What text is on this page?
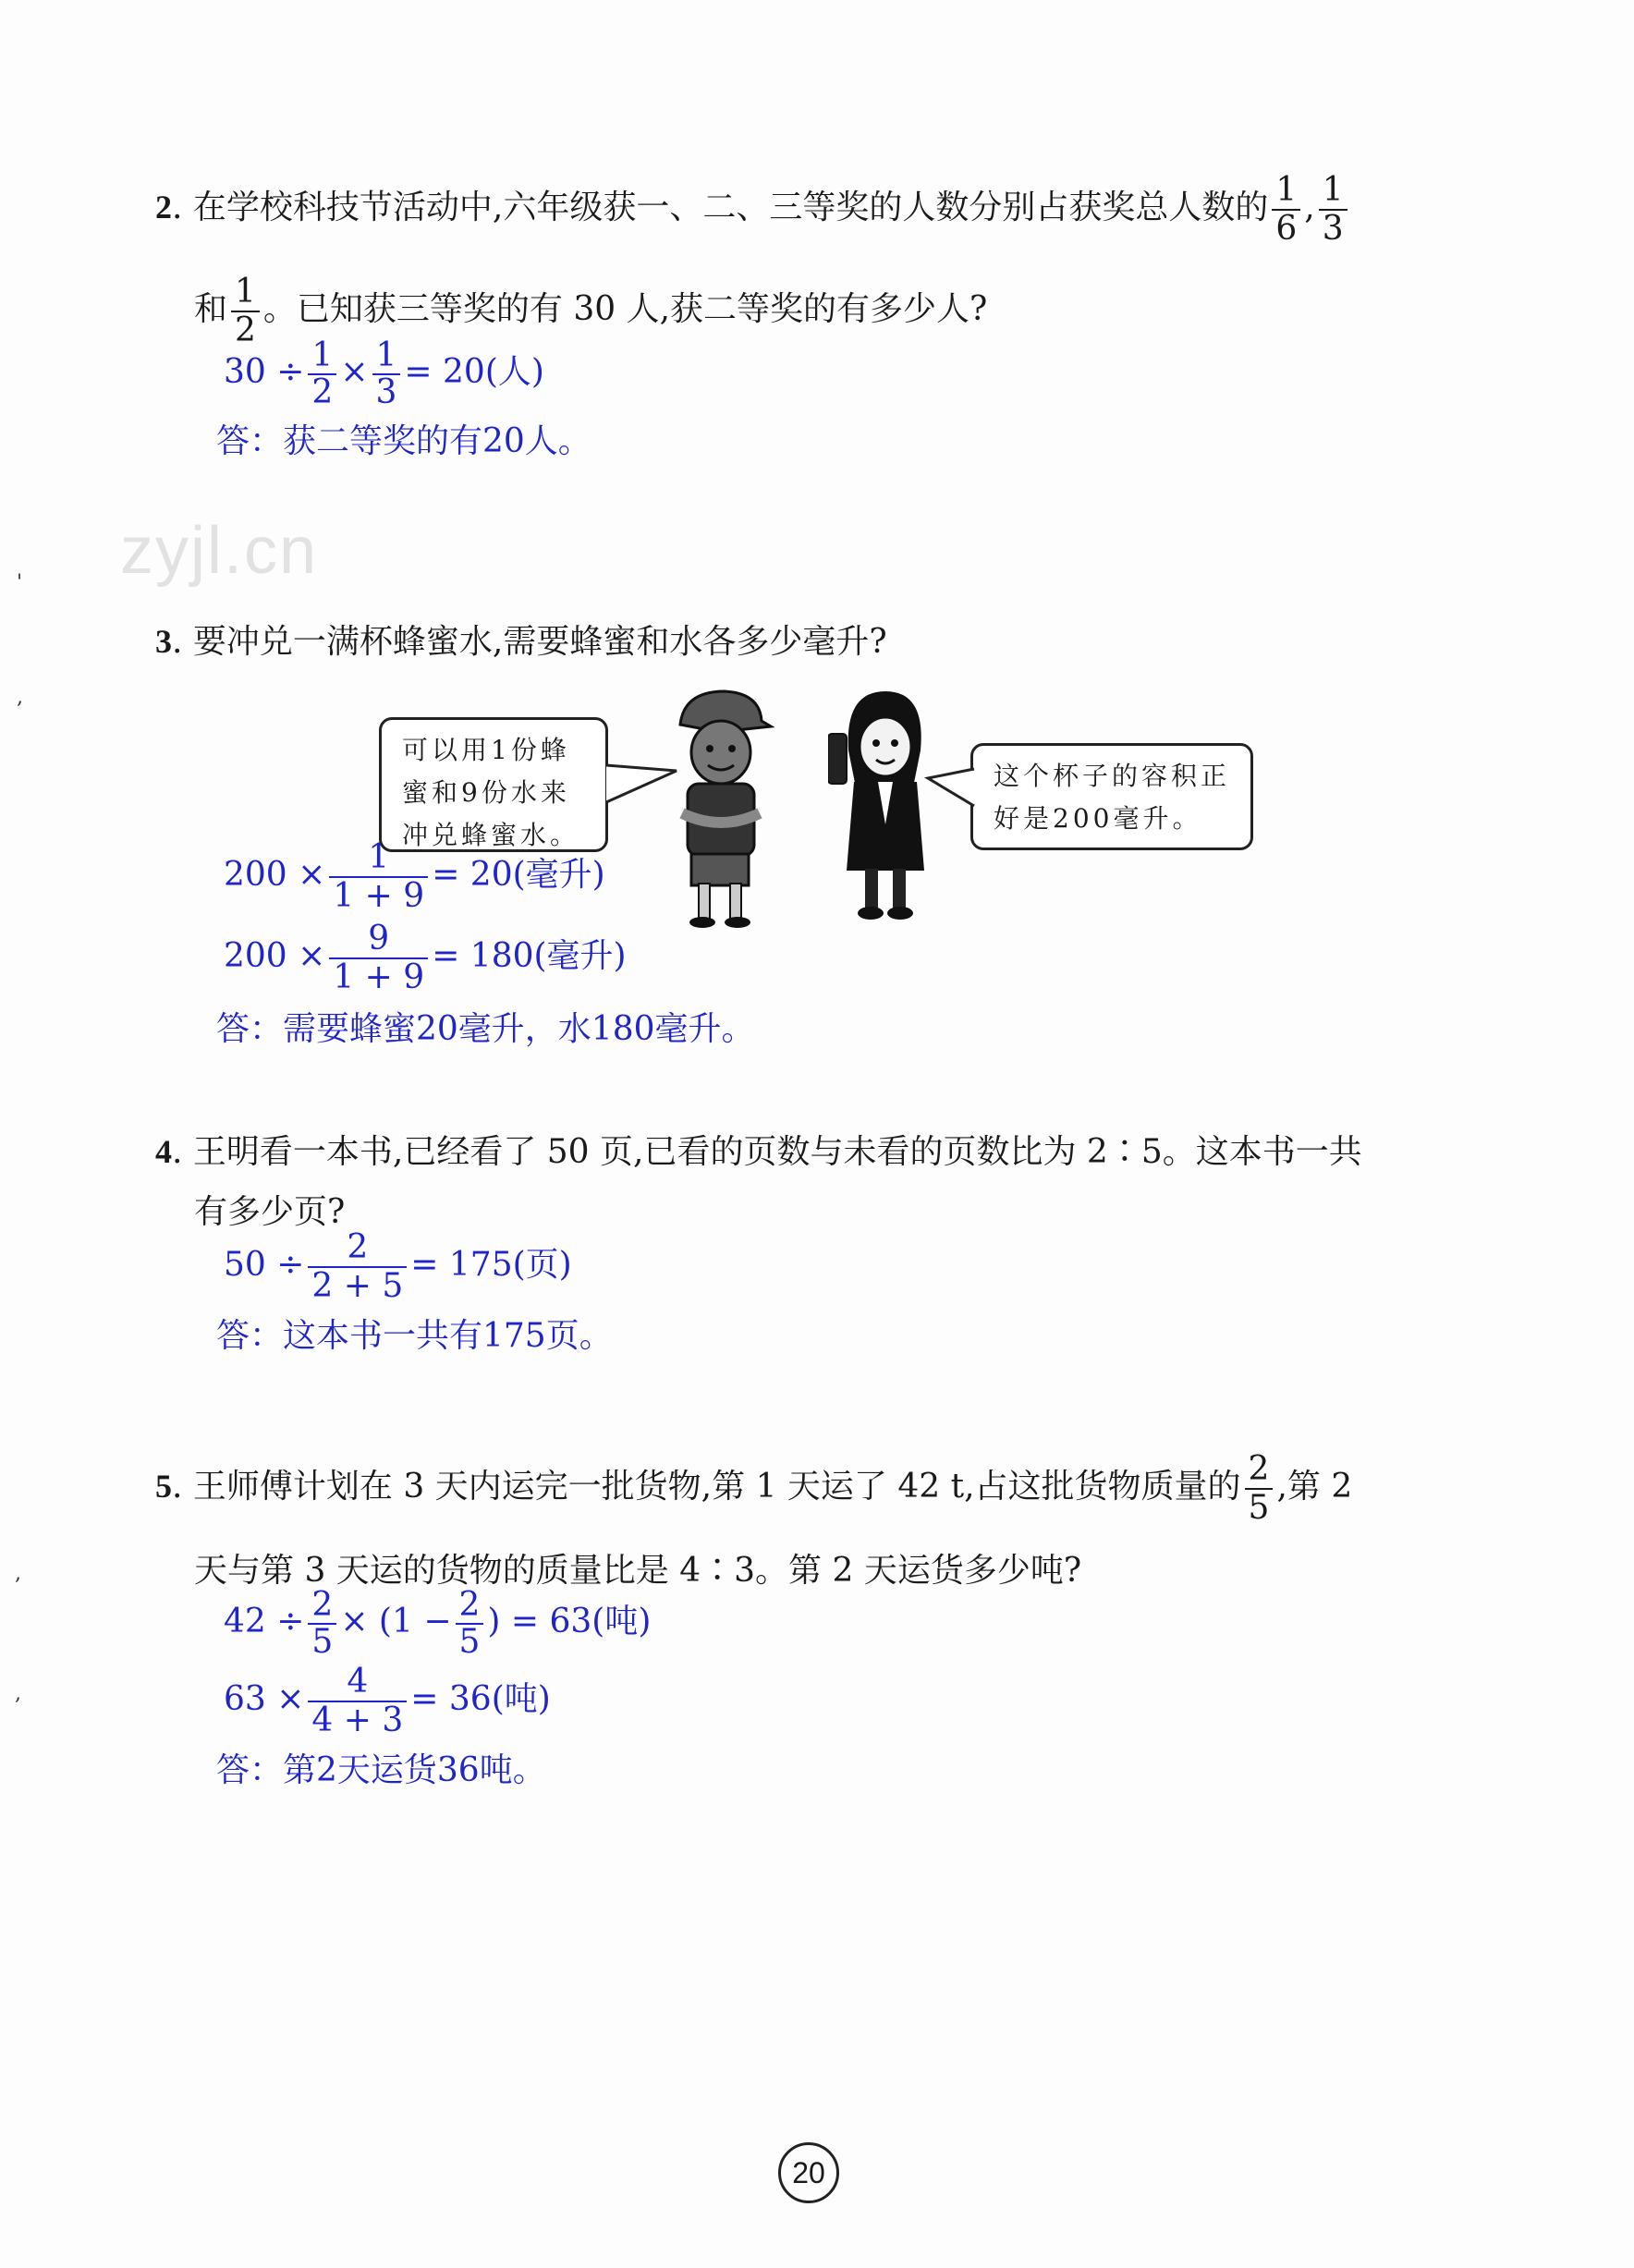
zyjl.cn
'
,
,
,
2. 在学校科技节活动中,六年级获一、二、三等奖的人数分别占获奖总人数的 $\frac{1}{6}$ , $\frac{1}{3}$
和 $\frac{1}{2}$ 。已知获三等奖的有 30 人,获二等奖的有多少人?
$30 \div \frac{1}{2} \times \frac{1}{3} = 20$(人)
答：获二等奖的有20人。
3. 要冲兑一满杯蜂蜜水,需要蜂蜜和水各多少毫升?
可以用1份蜂蜜和9份水来冲兑蜂蜜水。
这个杯子的容积正好是200毫升。
$200 \times \frac{1}{1 + 9} = 20$(毫升)
$200 \times \frac{9}{1 + 9} = 180$(毫升)
答：需要蜂蜜20毫升，水180毫升。
4. 王明看一本书,已经看了 50 页,已看的页数与未看的页数比为 2∶5。这本书一共
有多少页?
$50 \div \frac{2}{2 + 5} = 175$(页)
答：这本书一共有175页。
5. 王师傅计划在 3 天内运完一批货物,第 1 天运了 42 t,占这批货物质量的 $\frac{2}{5}$ ,第 2
天与第 3 天运的货物的质量比是 4∶3。第 2 天运货多少吨?
$42 \div \frac{2}{5} \times (1 - \frac{2}{5}$ ) = 63(吨)
$63 \times \frac{4}{4 + 3} = 36$(吨)
答：第2天运货36吨。
20
